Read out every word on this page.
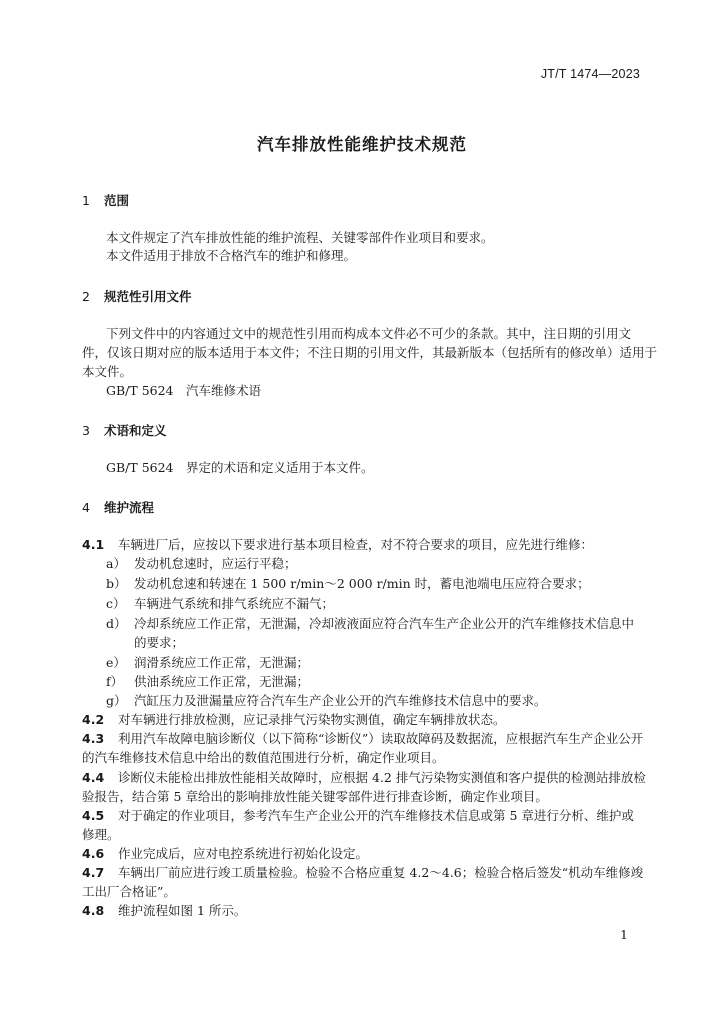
JT/T 1474—2023
汽车排放性能维护技术规范
1 范围
本文件规定了汽车排放性能的维护流程、关键零部件作业项目和要求。
本文件适用于排放不合格汽车的维护和修理。
2 规范性引用文件
下列文件中的内容通过文中的规范性引用而构成本文件必不可少的条款。其中，注日期的引用文
件，仅该日期对应的版本适用于本文件；不注日期的引用文件，其最新版本（包括所有的修改单）适用于
本文件。
GB/T 5624　汽车维修术语
3 术语和定义
GB/T 5624　界定的术语和定义适用于本文件。
4 维护流程
4.1 车辆进厂后，应按以下要求进行基本项目检查，对不符合要求的项目，应先进行维修：
a） 发动机怠速时，应运行平稳；
b） 发动机怠速和转速在 1 500 r/min～2 000 r/min 时，蓄电池端电压应符合要求；
c） 车辆进气系统和排气系统应不漏气；
d） 冷却系统应工作正常，无泄漏，冷却液液面应符合汽车生产企业公开的汽车维修技术信息中
的要求；
e） 润滑系统应工作正常，无泄漏；
f） 供油系统应工作正常，无泄漏；
g） 汽缸压力及泄漏量应符合汽车生产企业公开的汽车维修技术信息中的要求。
4.2 对车辆进行排放检测，应记录排气污染物实测值，确定车辆排放状态。
4.3 利用汽车故障电脑诊断仪（以下简称“诊断仪”）读取故障码及数据流，应根据汽车生产企业公开
的汽车维修技术信息中给出的数值范围进行分析，确定作业项目。
4.4 诊断仪未能检出排放性能相关故障时，应根据 4.2 排气污染物实测值和客户提供的检测站排放检
验报告，结合第 5 章给出的影响排放性能关键零部件进行排查诊断，确定作业项目。
4.5 对于确定的作业项目，参考汽车生产企业公开的汽车维修技术信息或第 5 章进行分析、维护或
修理。
4.6 作业完成后，应对电控系统进行初始化设定。
4.7 车辆出厂前应进行竣工质量检验。检验不合格应重复 4.2～4.6；检验合格后签发“机动车维修竣
工出厂合格证”。
4.8 维护流程如图 1 所示。
1
